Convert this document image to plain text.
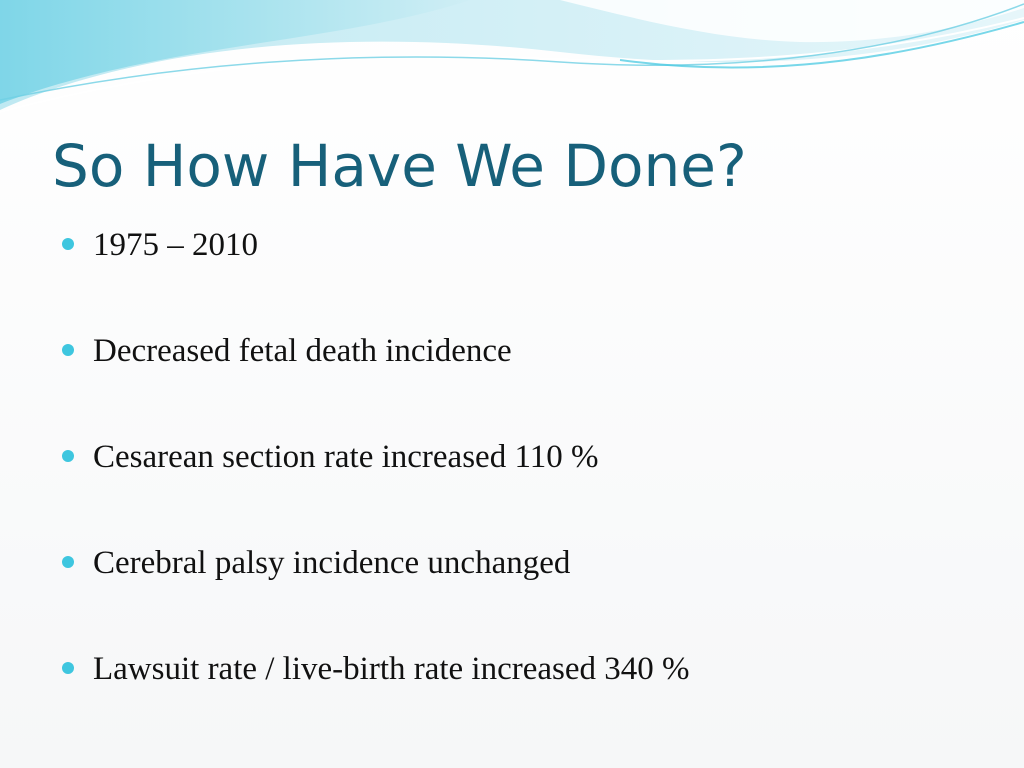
So How Have We Done?
1975 – 2010
Decreased fetal death incidence
Cesarean section rate increased 110 %
Cerebral palsy incidence unchanged
Lawsuit rate / live-birth rate increased 340 %
